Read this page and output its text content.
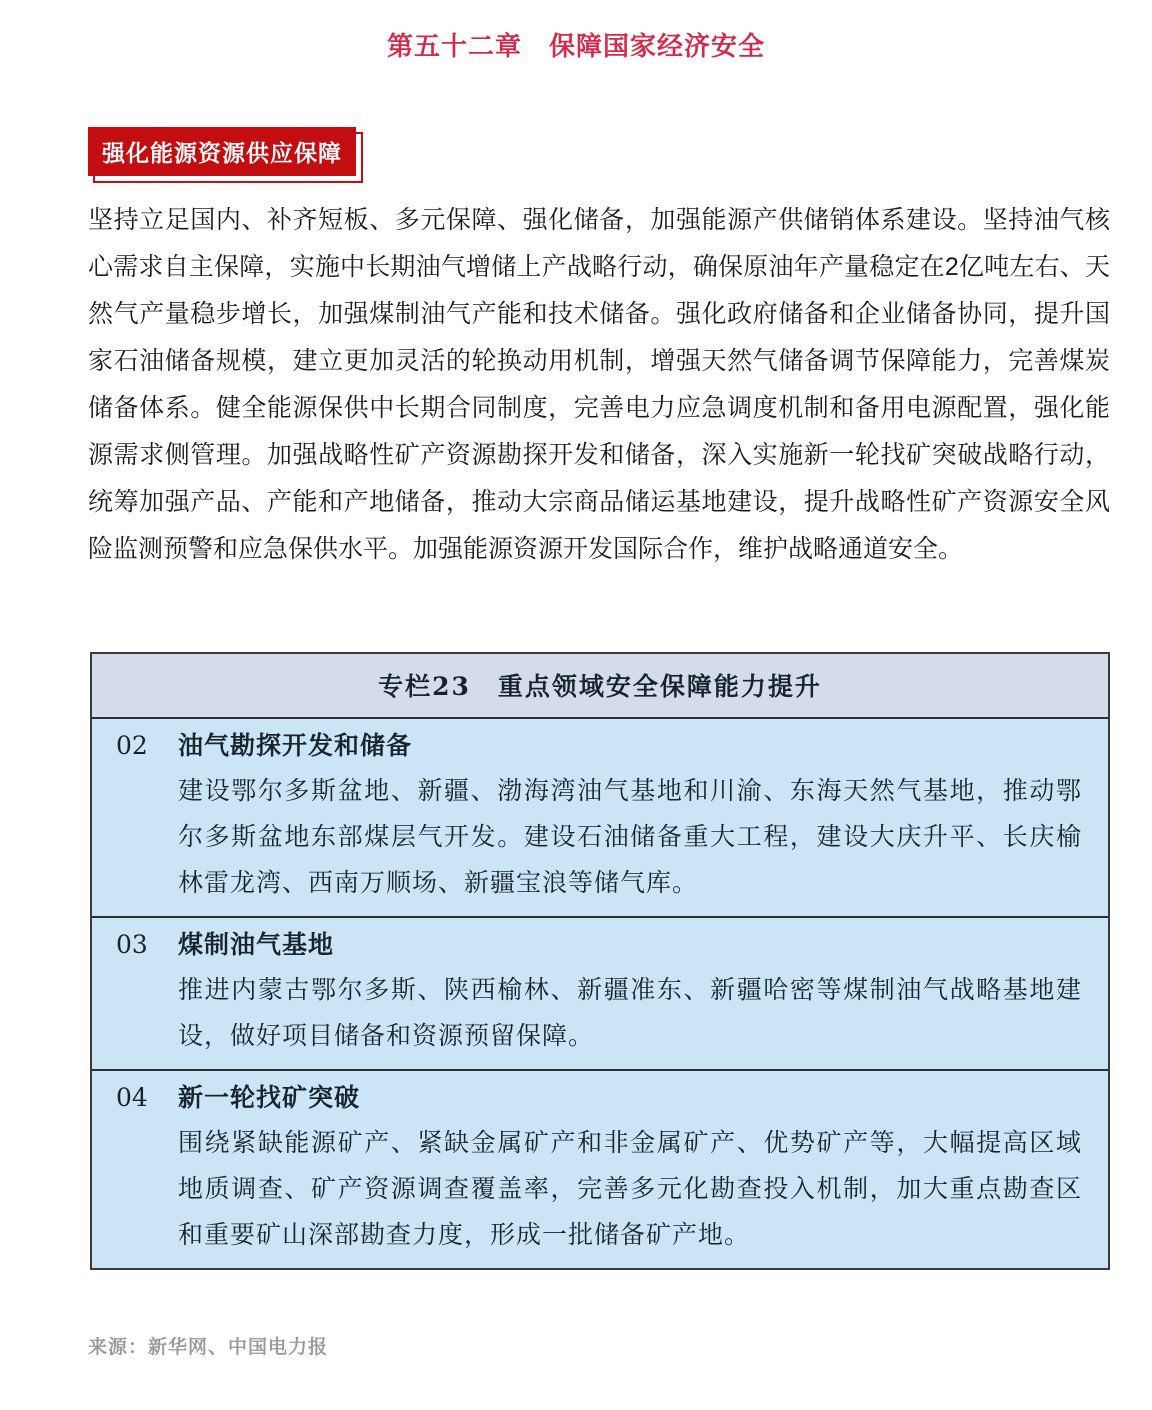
第五十二章　保障国家经济安全
强化能源资源供应保障
坚持立足国内、补齐短板、多元保障、强化储备，加强能源产供储销体系建设。坚持油气核心需求自主保障，实施中长期油气增储上产战略行动，确保原油年产量稳定在2亿吨左右、天然气产量稳步增长，加强煤制油气产能和技术储备。强化政府储备和企业储备协同，提升国家石油储备规模，建立更加灵活的轮换动用机制，增强天然气储备调节保障能力，完善煤炭储备体系。健全能源保供中长期合同制度，完善电力应急调度机制和备用电源配置，强化能源需求侧管理。加强战略性矿产资源勘探开发和储备，深入实施新一轮找矿突破战略行动，统筹加强产品、产能和产地储备，推动大宗商品储运基地建设，提升战略性矿产资源安全风险监测预警和应急保供水平。加强能源资源开发国际合作，维护战略通道安全。
专栏23　重点领域安全保障能力提升
02 油气勘探开发和储备
建设鄂尔多斯盆地、新疆、渤海湾油气基地和川渝、东海天然气基地，推动鄂尔多斯盆地东部煤层气开发。建设石油储备重大工程，建设大庆升平、长庆榆林雷龙湾、西南万顺场、新疆宝浪等储气库。
03 煤制油气基地
推进内蒙古鄂尔多斯、陕西榆林、新疆准东、新疆哈密等煤制油气战略基地建设，做好项目储备和资源预留保障。
04 新一轮找矿突破
围绕紧缺能源矿产、紧缺金属矿产和非金属矿产、优势矿产等，大幅提高区域地质调查、矿产资源调查覆盖率，完善多元化勘查投入机制，加大重点勘查区和重要矿山深部勘查力度，形成一批储备矿产地。
来源：新华网、中国电力报
